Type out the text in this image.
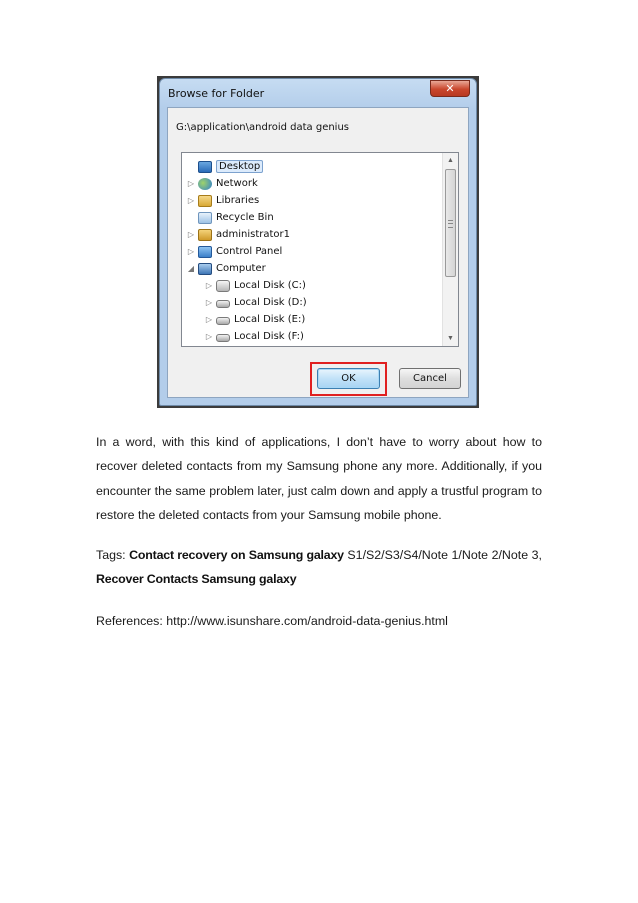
Browse for Folder	✕
G:\application\android data genius
▷ Local Disk (F:)
▷ Local Disk (E:)
▷ Local Disk (D:)
▷ Local Disk (C:)
◢ Computer
▷ Control Panel
▷ administrator1
Recycle Bin
▷ Libraries
▷ Network
Desktop
▲
▼
OK	Cancel
In a word, with this kind of applications, I don’t have to worry about how to recover deleted contacts from my Samsung phone any more. Additionally, if you encounter the same problem later, just calm down and apply a trustful program to restore the deleted contacts from your Samsung mobile phone.
Tags: Contact recovery on Samsung galaxy S1/S2/S3/S4/Note 1/Note 2/Note 3, Recover Contacts Samsung galaxy
References: http://www.isunshare.com/android-data-genius.html
